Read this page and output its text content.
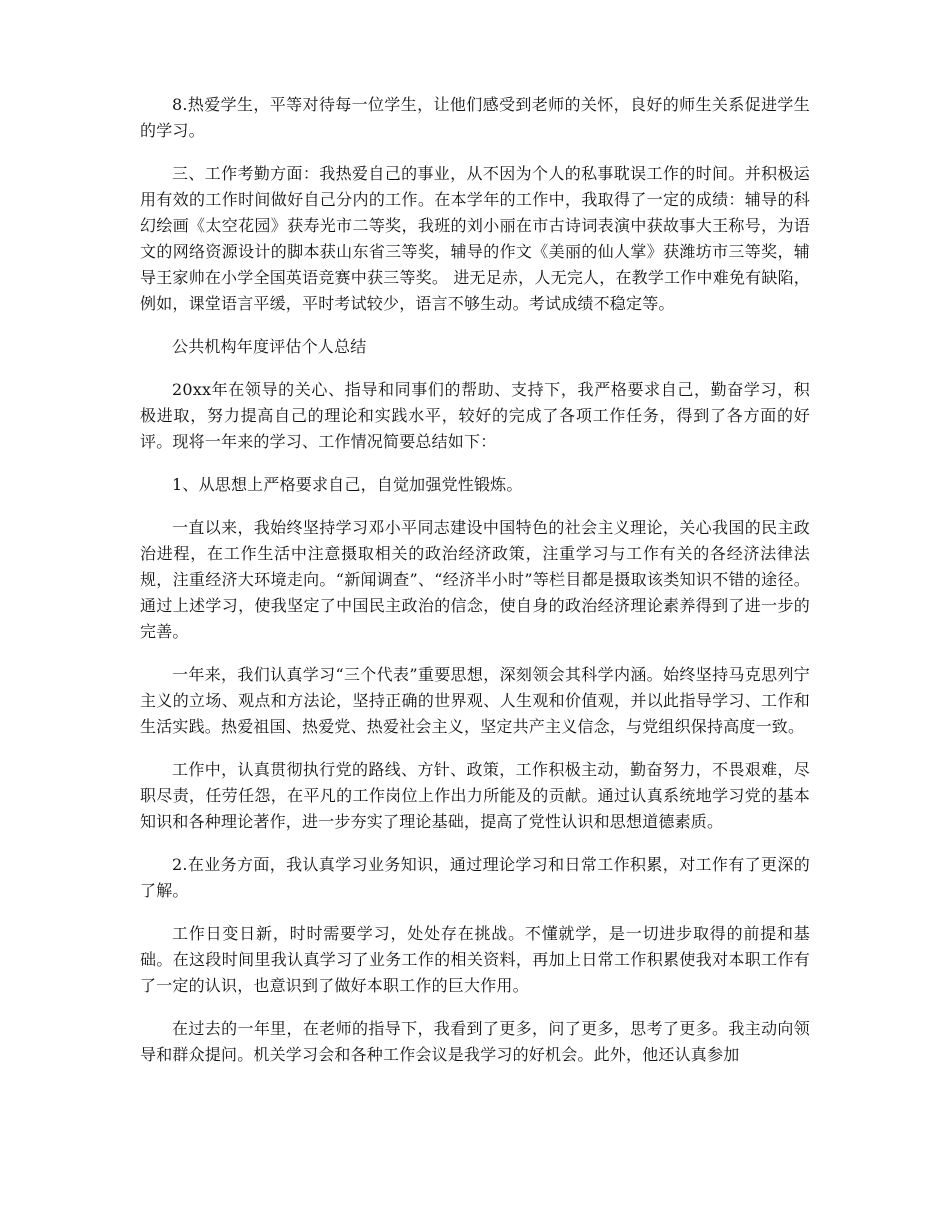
8.热爱学生，平等对待每一位学生，让他们感受到老师的关怀，良好的师生关系促进学生的学习。

三、工作考勤方面：我热爱自己的事业，从不因为个人的私事耽误工作的时间。并积极运用有效的工作时间做好自己分内的工作。在本学年的工作中，我取得了一定的成绩：辅导的科幻绘画《太空花园》获寿光市二等奖，我班的刘小丽在市古诗词表演中获故事大王称号，为语文的网络资源设计的脚本获山东省三等奖，辅导的作文《美丽的仙人掌》获潍坊市三等奖，辅导王家帅在小学全国英语竞赛中获三等奖。 进无足赤，人无完人，在教学工作中难免有缺陷，例如，课堂语言平缓，平时考试较少，语言不够生动。考试成绩不稳定等。

公共机构年度评估个人总结

20xx年在领导的关心、指导和同事们的帮助、支持下，我严格要求自己，勤奋学习，积极进取，努力提高自己的理论和实践水平，较好的完成了各项工作任务，得到了各方面的好评。现将一年来的学习、工作情况简要总结如下：

1、从思想上严格要求自己，自觉加强党性锻炼。

一直以来，我始终坚持学习邓小平同志建设中国特色的社会主义理论，关心我国的民主政治进程，在工作生活中注意摄取相关的政治经济政策，注重学习与工作有关的各经济法律法规，注重经济大环境走向。“新闻调查”、“经济半小时”等栏目都是摄取该类知识不错的途径。通过上述学习，使我坚定了中国民主政治的信念，使自身的政治经济理论素养得到了进一步的完善。

一年来，我们认真学习“三个代表”重要思想，深刻领会其科学内涵。始终坚持马克思列宁主义的立场、观点和方法论，坚持正确的世界观、人生观和价值观，并以此指导学习、工作和生活实践。热爱祖国、热爱党、热爱社会主义，坚定共产主义信念，与党组织保持高度一致。

工作中，认真贯彻执行党的路线、方针、政策，工作积极主动，勤奋努力，不畏艰难，尽职尽责，任劳任怨，在平凡的工作岗位上作出力所能及的贡献。通过认真系统地学习党的基本知识和各种理论著作，进一步夯实了理论基础，提高了党性认识和思想道德素质。

2.在业务方面，我认真学习业务知识，通过理论学习和日常工作积累，对工作有了更深的了解。

工作日变日新，时时需要学习，处处存在挑战。不懂就学，是一切进步取得的前提和基础。在这段时间里我认真学习了业务工作的相关资料，再加上日常工作积累使我对本职工作有了一定的认识，也意识到了做好本职工作的巨大作用。

在过去的一年里，在老师的指导下，我看到了更多，问了更多，思考了更多。我主动向领导和群众提问。机关学习会和各种工作会议是我学习的好机会。此外，他还认真参加
